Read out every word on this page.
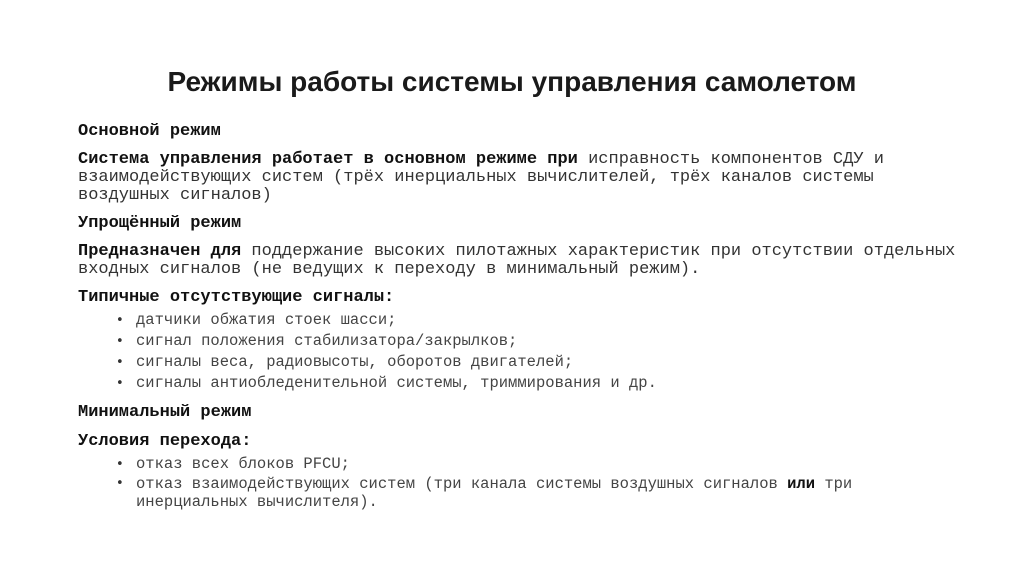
Режимы работы системы управления самолетом
Основной режим
Система управления работает в основном режиме при исправность компонентов СДУ и взаимодействующих систем (трёх инерциальных вычислителей, трёх каналов системы воздушных сигналов)
Упрощённый режим
Предназначен для поддержание высоких пилотажных характеристик при отсутствии отдельных входных сигналов (не ведущих к переходу в минимальный режим).
Типичные отсутствующие сигналы:
• датчики обжатия стоек шасси;
• сигнал положения стабилизатора/закрылков;
• сигналы веса, радиовысоты, оборотов двигателей;
• сигналы антиобледенительной системы, триммирования и др.
Минимальный режим
Условия перехода:
• отказ всех блоков PFCU;
• отказ взаимодействующих систем (три канала системы воздушных сигналов или три инерциальных вычислителя).
